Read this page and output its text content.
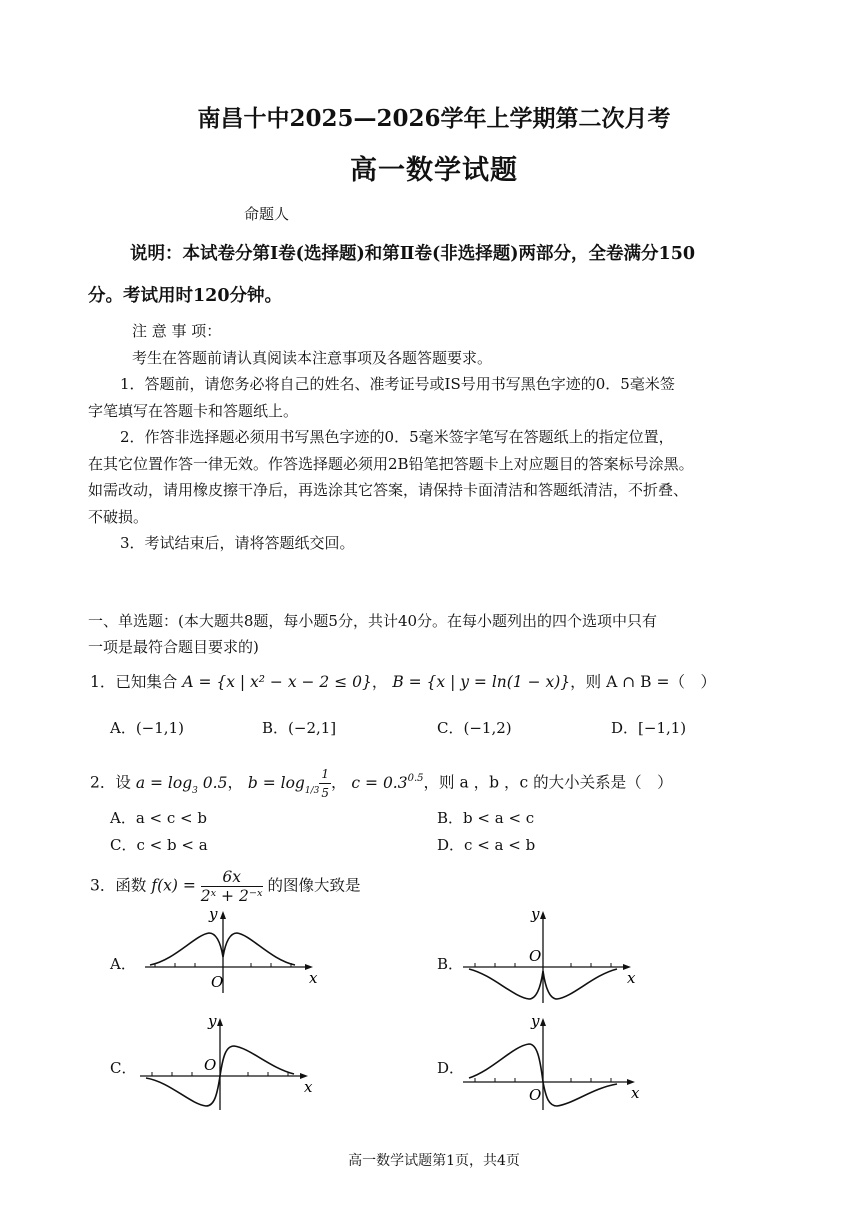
南昌十中2025—2026学年上学期第二次月考
高一数学试题
命题人
说明：本试卷分第Ⅰ卷(选择题)和第Ⅱ卷(非选择题)两部分，全卷满分150
分。考试用时120分钟。
注 意 事 项：
考生在答题前请认真阅读本注意事项及各题答题要求。
1．答题前，请您务必将自己的姓名、准考证号或IS号用书写黑色字迹的0．5毫米签
字笔填写在答题卡和答题纸上。
2．作答非选择题必须用书写黑色字迹的0．5毫米签字笔写在答题纸上的指定位置，
在其它位置作答一律无效。作答选择题必须用2B铅笔把答题卡上对应题目的答案标号涂黑。
如需改动，请用橡皮擦干净后，再选涂其它答案，请保持卡面清洁和答题纸清洁，不折叠、
不破损。
3．考试结束后，请将答题纸交回。
一、单选题：(本大题共8题，每小题5分，共计40分。在每小题列出的四个选项中只有
一项是最符合题目要求的)
1．已知集合 A = {x | x² − x − 2 ≤ 0}， B = {x | y = ln(1 − x)}，则 A ∩ B =（　）
A．(−1,1)	B．(−2,1]	C．(−1,2)	D．[−1,1)
2．设 $a = \log_3 0.5$， $b = \log_{1/3} \frac{1}{5}$ ， $c = 0.3^{0.5}$，则 a ，b ，c 的大小关系是（　）
A．a < c < b	B．b < a < c
C．c < b < a	D．c < a < b
3．函数 $f(x) = \frac{6x}{\text{2ˣ + 2⁻ˣ}}$ 的图像大致是
A．	B．
C．	D．
O	x
y
O
x
y
O
x
y
O	x
y
高一数学试题第1页，共4页
